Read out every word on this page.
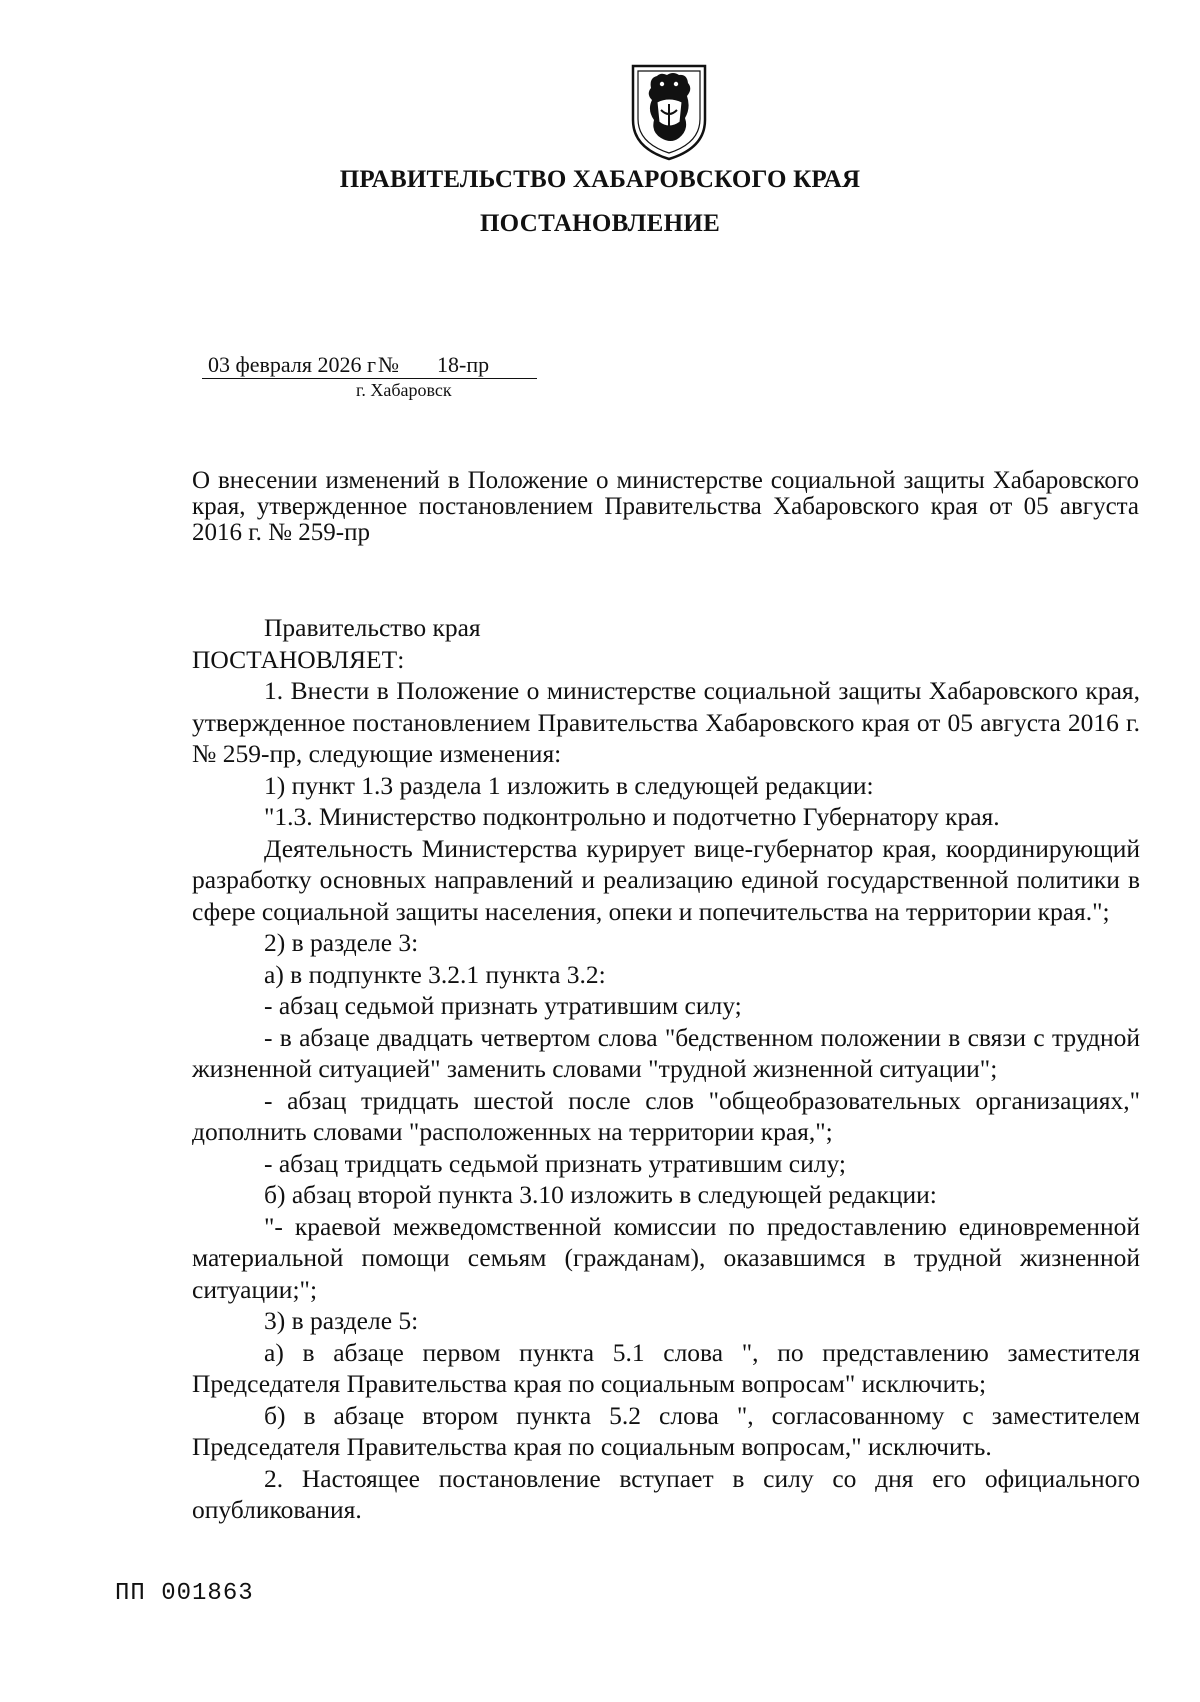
ПРАВИТЕЛЬСТВО ХАБАРОВСКОГО КРАЯ
ПОСТАНОВЛЕНИЕ
03 февраля 2026 г№ 18-пр
г. Хабаровск
О внесении изменений в Положение о министерстве социальной защиты Хабаровского края, утвержденное постановлением Правительства Хабаровского края от 05 августа 2016 г. № 259-пр

Правительство края

ПОСТАНОВЛЯЕТ:

1. Внести в Положение о министерстве социальной защиты Хабаровского края, утвержденное постановлением Правительства Хабаровского края от 05 августа 2016 г. № 259-пр, следующие изменения:

1) пункт 1.3 раздела 1 изложить в следующей редакции:

"1.3. Министерство подконтрольно и подотчетно Губернатору края.

Деятельность Министерства курирует вице-губернатор края, координирующий разработку основных направлений и реализацию единой государственной политики в сфере социальной защиты населения, опеки и попечительства на территории края.";

2) в разделе 3:

а) в подпункте 3.2.1 пункта 3.2:

- абзац седьмой признать утратившим силу;

- в абзаце двадцать четвертом слова "бедственном положении в связи с трудной жизненной ситуацией" заменить словами "трудной жизненной ситуации";

- абзац тридцать шестой после слов "общеобразовательных организациях," дополнить словами "расположенных на территории края,";

- абзац тридцать седьмой признать утратившим силу;

б) абзац второй пункта 3.10 изложить в следующей редакции:

"- краевой межведомственной комиссии по предоставлению единовременной материальной помощи семьям (гражданам), оказавшимся в трудной жизненной ситуации;";

3) в разделе 5:

а) в абзаце первом пункта 5.1 слова ", по представлению заместителя Председателя Правительства края по социальным вопросам" исключить;

б) в абзаце втором пункта 5.2 слова ", согласованному с заместителем Председателя Правительства края по социальным вопросам," исключить.

2. Настоящее постановление вступает в силу со дня его официального опубликования.

ПП 001863
